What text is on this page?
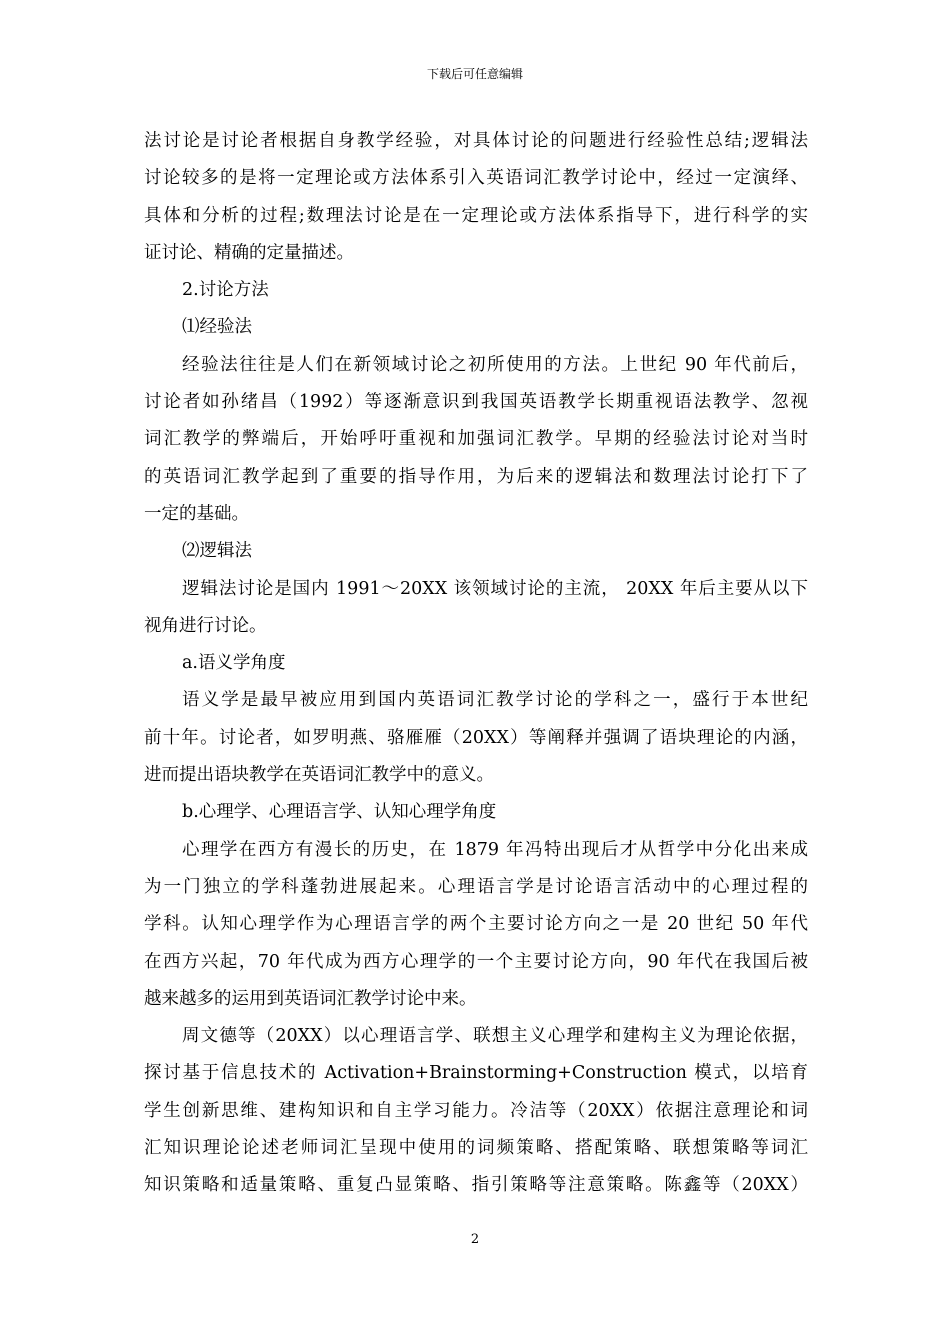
下载后可任意编辑
法讨论是讨论者根据自身教学经验，对具体讨论的问题进行经验性总结;逻辑法
讨论较多的是将一定理论或方法体系引入英语词汇教学讨论中，经过一定演绎、
具体和分析的过程;数理法讨论是在一定理论或方法体系指导下，进行科学的实
证讨论、精确的定量描述。
2.讨论方法
⑴经验法
经验法往往是人们在新领域讨论之初所使用的方法。上世纪 90 年代前后，
讨论者如孙绪昌（1992）等逐渐意识到我国英语教学长期重视语法教学、忽视
词汇教学的弊端后，开始呼吁重视和加强词汇教学。早期的经验法讨论对当时
的英语词汇教学起到了重要的指导作用，为后来的逻辑法和数理法讨论打下了
一定的基础。
⑵逻辑法
逻辑法讨论是国内 1991～20XX 该领域讨论的主流， 20XX 年后主要从以下
视角进行讨论。
a.语义学角度
语义学是最早被应用到国内英语词汇教学讨论的学科之一，盛行于本世纪
前十年。讨论者，如罗明燕、骆雁雁（20XX）等阐释并强调了语块理论的内涵，
进而提出语块教学在英语词汇教学中的意义。
b.心理学、心理语言学、认知心理学角度
心理学在西方有漫长的历史，在 1879 年冯特出现后才从哲学中分化出来成
为一门独立的学科蓬勃进展起来。心理语言学是讨论语言活动中的心理过程的
学科。认知心理学作为心理语言学的两个主要讨论方向之一是 20 世纪 50 年代
在西方兴起，70 年代成为西方心理学的一个主要讨论方向，90 年代在我国后被
越来越多的运用到英语词汇教学讨论中来。
周文德等（20XX）以心理语言学、联想主义心理学和建构主义为理论依据，
探讨基于信息技术的 Activation+Brainstorming+Construction 模式，以培育
学生创新思维、建构知识和自主学习能力。冷洁等（20XX）依据注意理论和词
汇知识理论论述老师词汇呈现中使用的词频策略、搭配策略、联想策略等词汇
知识策略和适量策略、重复凸显策略、指引策略等注意策略。陈鑫等（20XX）
2
